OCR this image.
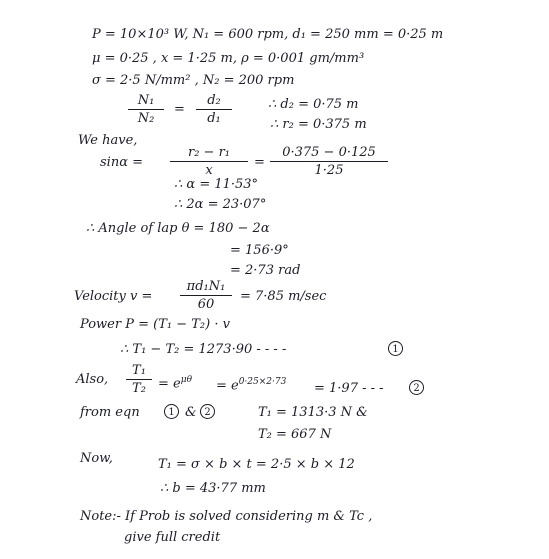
P = 10×10³ W, N₁ = 600 rpm, d₁ = 250 mm = 0·25 m
μ = 0·25 , x = 1·25 m, ρ = 0·001 gm/mm³
σ = 2·5 N/mm² , N₂ = 200 rpm
N₁
N₂
=
d₂
d₁
∴ d₂ = 0·75 m
∴ r₂ = 0·375 m
We have,
sinα =
r₂ − r₁
x
=
0·375 − 0·125
1·25
∴ α = 11·53°
∴ 2α = 23·07°
∴ Angle of lap θ = 180 − 2α
= 156·9°
= 2·73 rad
Velocity v =
πd₁N₁
60
= 7·85 m/sec
Power P = (T₁ − T₂) · v
∴ T₁ − T₂ = 1273·90 - - - -	1
Also,
T₁
$T_2 = e^{\mu\theta} = e^{0\cdot 25\times 2\cdot 73} = 1\cdot 97$ - - -	2
from eqn	1 & 2	T₁ = 1313·3 N &
T₂ = 667 N
Now,	T₁ = σ × b × t = 2·5 × b × 12
∴ b = 43·77 mm
Note:- If Prob is solved considering m & Tc ,
give full credit
